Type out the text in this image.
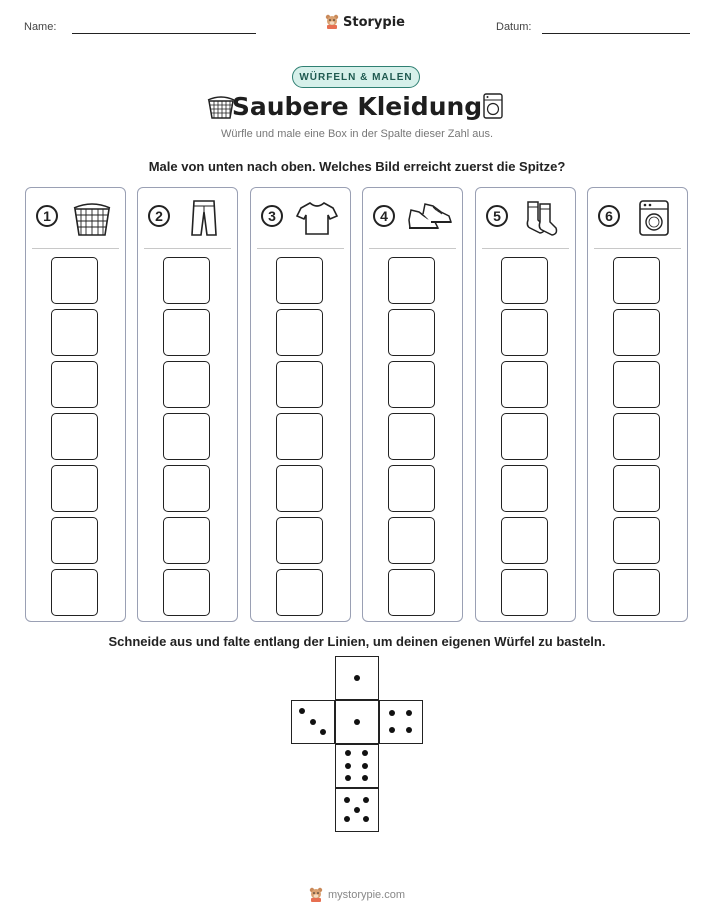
Name:	Storypie	Datum:
WÜRFELN & MALEN
Saubere Kleidung
Würfle und male eine Box in der Spalte dieser Zahl aus.
Male von unten nach oben. Welches Bild erreicht zuerst die Spitze?
1	2	3	4	5	6
Schneide aus und falte entlang der Linien, um deinen eigenen Würfel zu basteln.
mystorypie.com
